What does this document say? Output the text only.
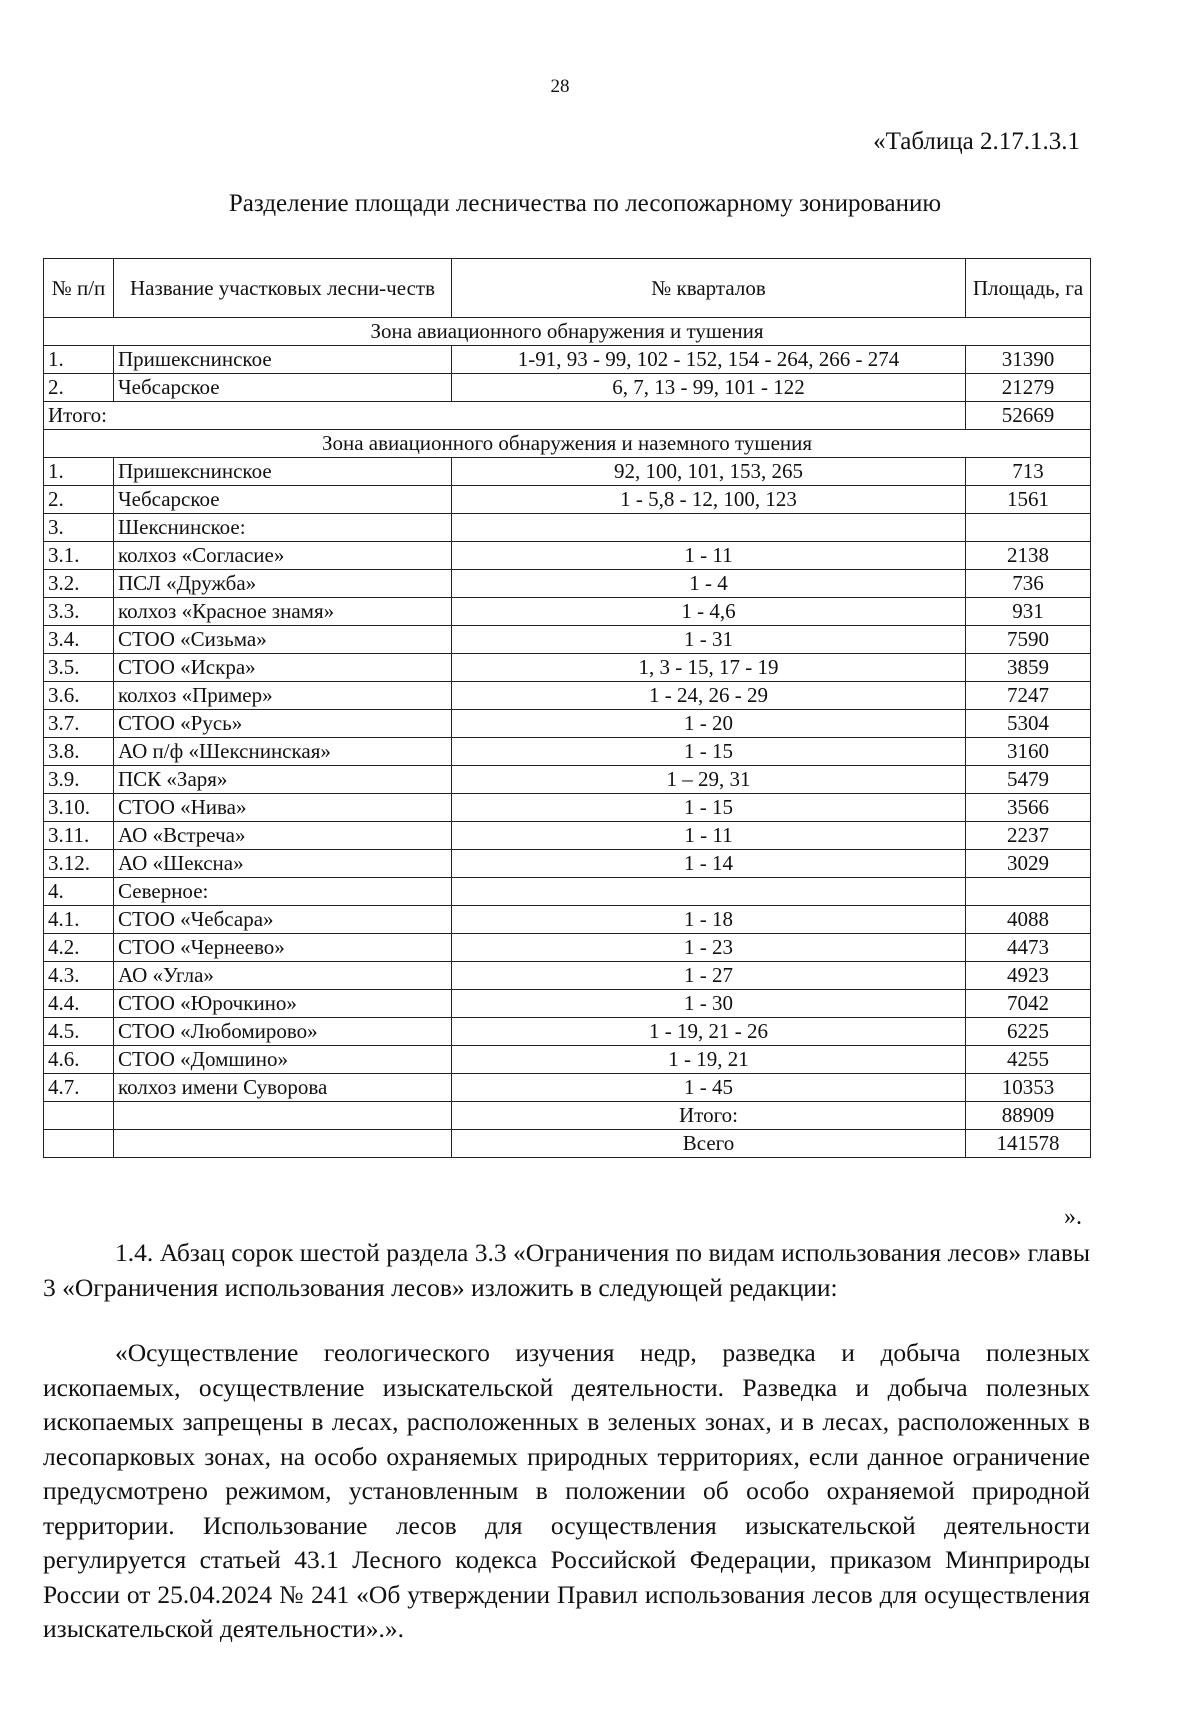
28
«Таблица 2.17.1.3.1
Разделение площади лесничества по лесопожарному зонированию
№ п/п	Название участковых лесни-честв	№ кварталов	Площадь, га
Зона авиационного обнаружения и тушения			
1.	Пришекснинское	1-91, 93 - 99, 102 - 152, 154 - 264, 266 - 274	31390
2.	Чебсарское	6, 7, 13 - 99, 101 - 122	21279
Итого:			52669
Зона авиационного обнаружения и наземного тушения			
1.	Пришекснинское	92, 100, 101, 153, 265	713
2.	Чебсарское	1 - 5,8 - 12, 100, 123	1561
3.	Шекснинское:		
3.1.	колхоз «Согласие»	1 - 11	2138
3.2.	ПСЛ «Дружба»	1 - 4	736
3.3.	колхоз «Красное знамя»	1 - 4,6	931
3.4.	СТОО «Сизьма»	1 - 31	7590
3.5.	СТОО «Искра»	1, 3 - 15, 17 - 19	3859
3.6.	колхоз «Пример»	1 - 24, 26 - 29	7247
3.7.	СТОО «Русь»	1 - 20	5304
3.8.	АО п/ф «Шекснинская»	1 - 15	3160
3.9.	ПСК «Заря»	1 – 29, 31	5479
3.10.	СТОО «Нива»	1 - 15	3566
3.11.	АО «Встреча»	1 - 11	2237
3.12.	АО «Шексна»	1 - 14	3029
4.	Северное:		
4.1.	СТОО «Чебсара»	1 - 18	4088
4.2.	СТОО «Чернеево»	1 - 23	4473
4.3.	АО «Угла»	1 - 27	4923
4.4.	СТОО «Юрочкино»	1 - 30	7042
4.5.	СТОО «Любомирово»	1 - 19, 21 - 26	6225
4.6.	СТОО «Домшино»	1 - 19, 21	4255
4.7.	колхоз имени Суворова	1 - 45	10353
		Итого:	88909
		Всего	141578
».

1.4. Абзац сорок шестой раздела 3.3 «Ограничения по видам использования лесов» главы 3 «Ограничения использования лесов» изложить в следующей редакции:

«Осуществление геологического изучения недр, разведка и добыча полезных ископаемых, осуществление изыскательской деятельности. Разведка и добыча полезных ископаемых запрещены в лесах, расположенных в зеленых зонах, и в лесах, расположенных в лесопарковых зонах, на особо охраняемых природных территориях, если данное ограничение предусмотрено режимом, установленным в положении об особо охраняемой природной территории. Использование лесов для осуществления изыскательской деятельности регулируется статьей 43.1 Лесного кодекса Российской Федерации, приказом Минприроды России от 25.04.2024 № 241 «Об утверждении Правил использования лесов для осуществления изыскательской деятельности».».
